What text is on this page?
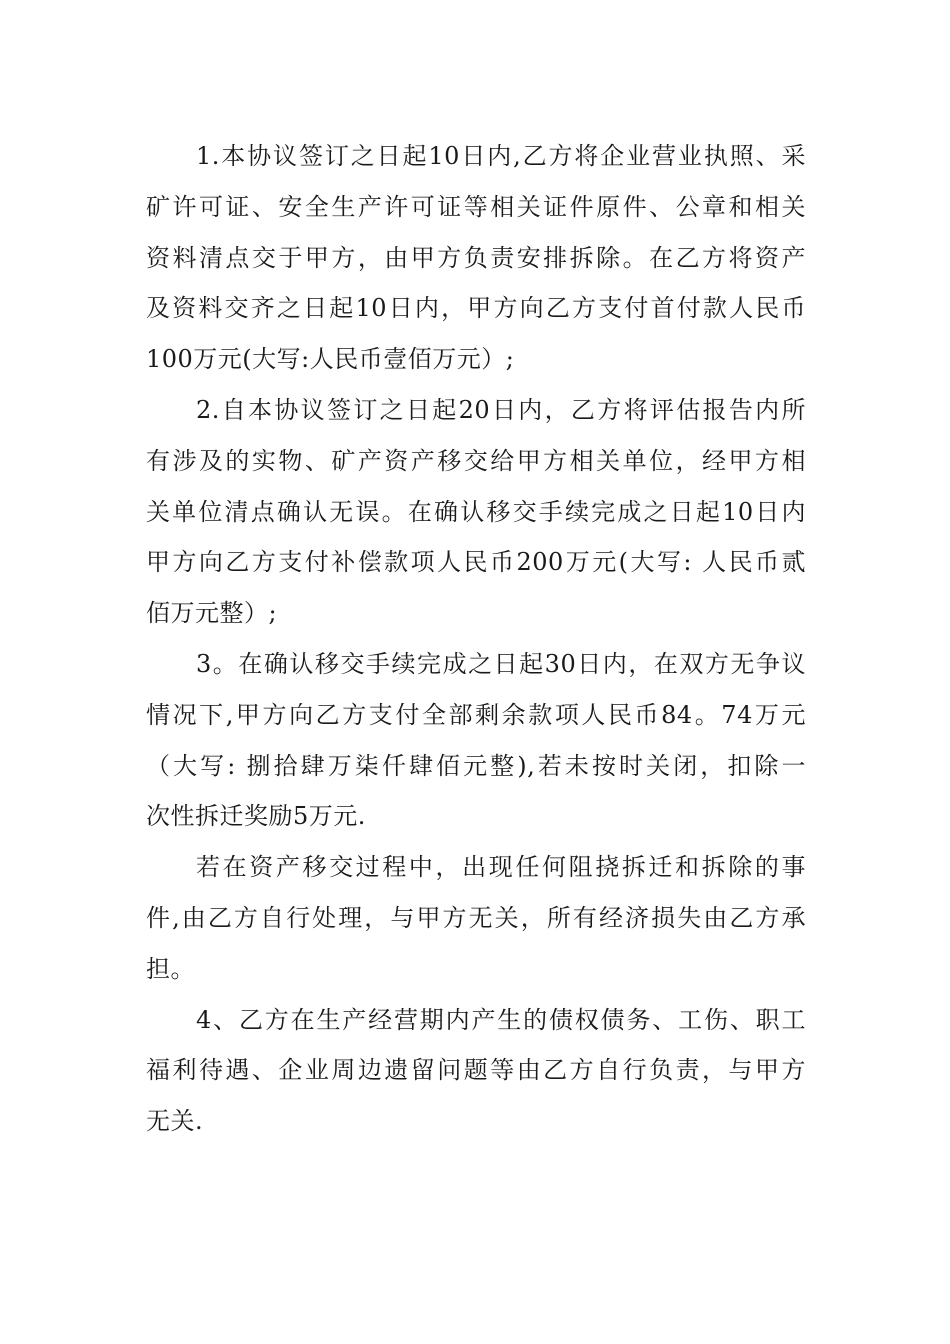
1.本协议签订之日起10日内,乙方将企业营业执照、采
矿许可证、安全生产许可证等相关证件原件、公章和相关
资料清点交于甲方，由甲方负责安排拆除。在乙方将资产
及资料交齐之日起10日内，甲方向乙方支付首付款人民币
100万元(大写:人民币壹佰万元）;
2.自本协议签订之日起20日内，乙方将评估报告内所
有涉及的实物、矿产资产移交给甲方相关单位，经甲方相
关单位清点确认无误。在确认移交手续完成之日起10日内
甲方向乙方支付补偿款项人民币200万元(大写: 人民币贰
佰万元整）;
3。在确认移交手续完成之日起30日内，在双方无争议
情况下,甲方向乙方支付全部剩余款项人民币84。74万元
（大写: 捌拾肆万柒仟肆佰元整),若未按时关闭，扣除一
次性拆迁奖励5万元.
若在资产移交过程中，出现任何阻挠拆迁和拆除的事
件,由乙方自行处理，与甲方无关，所有经济损失由乙方承
担。
4、乙方在生产经营期内产生的债权债务、工伤、职工
福利待遇、企业周边遗留问题等由乙方自行负责，与甲方
无关.
